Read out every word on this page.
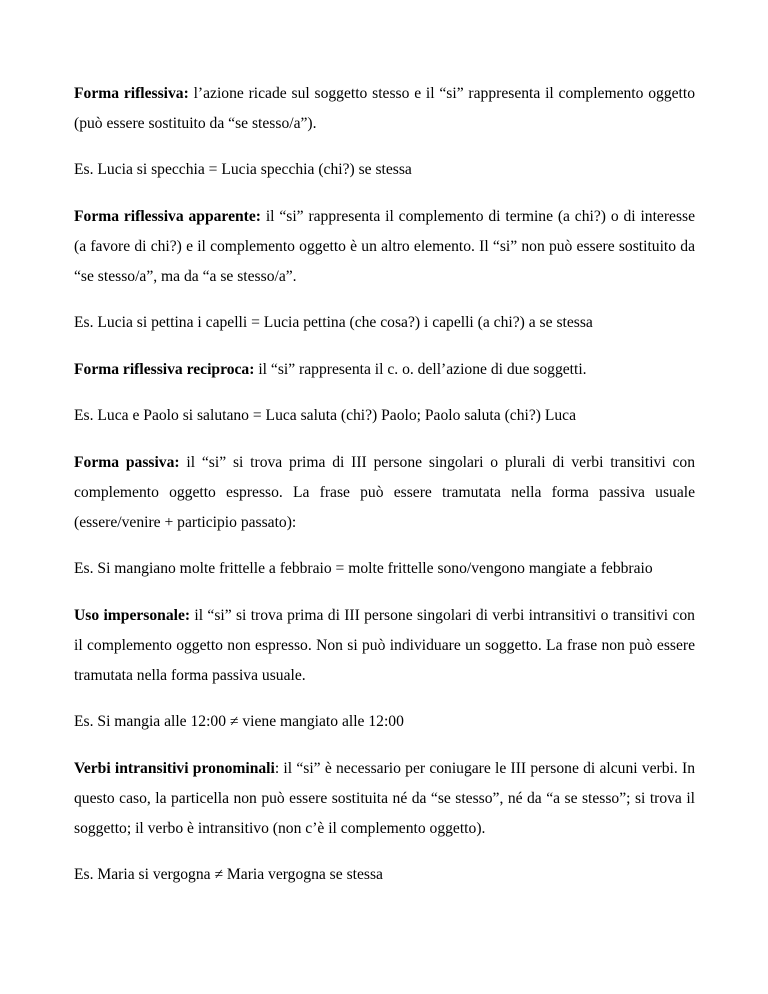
Forma riflessiva: l’azione ricade sul soggetto stesso e il “si” rappresenta il complemento oggetto (può essere sostituito da “se stesso/a”).

Es. Lucia si specchia = Lucia specchia (chi?) se stessa

Forma riflessiva apparente: il “si” rappresenta il complemento di termine (a chi?) o di interesse (a favore di chi?) e il complemento oggetto è un altro elemento. Il “si” non può essere sostituito da “se stesso/a”, ma da “a se stesso/a”.

Es. Lucia si pettina i capelli = Lucia pettina (che cosa?) i capelli (a chi?) a se stessa

Forma riflessiva reciproca: il “si” rappresenta il c. o. dell’azione di due soggetti.

Es. Luca e Paolo si salutano = Luca saluta (chi?) Paolo; Paolo saluta (chi?) Luca

Forma passiva: il “si” si trova prima di III persone singolari o plurali di verbi transitivi con complemento oggetto espresso. La frase può essere tramutata nella forma passiva usuale (essere/venire + participio passato):

Es. Si mangiano molte frittelle a febbraio = molte frittelle sono/vengono mangiate a febbraio

Uso impersonale: il “si” si trova prima di III persone singolari di verbi intransitivi o transitivi con il complemento oggetto non espresso. Non si può individuare un soggetto. La frase non può essere tramutata nella forma passiva usuale.

Es. Si mangia alle 12:00 ≠ viene mangiato alle 12:00

Verbi intransitivi pronominali: il “si” è necessario per coniugare le III persone di alcuni verbi. In questo caso, la particella non può essere sostituita né da “se stesso”, né da “a se stesso”; si trova il soggetto; il verbo è intransitivo (non c’è il complemento oggetto).

Es. Maria si vergogna ≠ Maria vergogna se stessa
